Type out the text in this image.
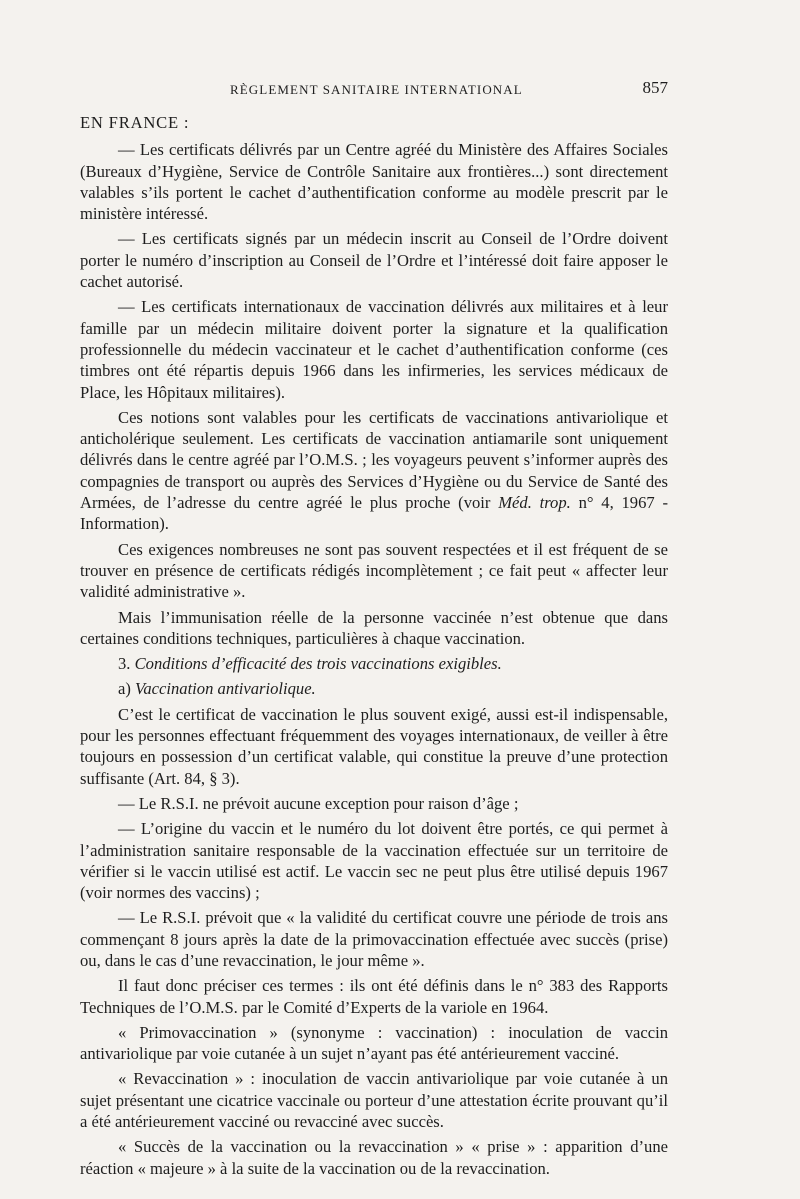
RÈGLEMENT SANITAIRE INTERNATIONAL	857
EN FRANCE :

— Les certificats délivrés par un Centre agréé du Ministère des Affaires Sociales (Bureaux d’Hygiène, Service de Contrôle Sanitaire aux frontières...) sont directement valables s’ils portent le cachet d’authentification conforme au modèle prescrit par le ministère intéressé.

— Les certificats signés par un médecin inscrit au Conseil de l’Ordre doivent porter le numéro d’inscription au Conseil de l’Ordre et l’intéressé doit faire apposer le cachet autorisé.

— Les certificats internationaux de vaccination délivrés aux militaires et à leur famille par un médecin militaire doivent porter la signature et la qualification professionnelle du médecin vaccinateur et le cachet d’authentification conforme (ces timbres ont été répartis depuis 1966 dans les infirmeries, les services médicaux de Place, les Hôpitaux militaires).

Ces notions sont valables pour les certificats de vaccinations antivariolique et anticholérique seulement. Les certificats de vaccination antiamarile sont uniquement délivrés dans le centre agréé par l’O.M.S. ; les voyageurs peuvent s’informer auprès des compagnies de transport ou auprès des Services d’Hygiène ou du Service de Santé des Armées, de l’adresse du centre agréé le plus proche (voir Méd. trop. n° 4, 1967 - Information).

Ces exigences nombreuses ne sont pas souvent respectées et il est fréquent de se trouver en présence de certificats rédigés incomplètement ; ce fait peut « affecter leur validité administrative ».

Mais l’immunisation réelle de la personne vaccinée n’est obtenue que dans certaines conditions techniques, particulières à chaque vaccination.

3. Conditions d’efficacité des trois vaccinations exigibles.
a) Vaccination antivariolique.

C’est le certificat de vaccination le plus souvent exigé, aussi est-il indispensable, pour les personnes effectuant fréquemment des voyages internationaux, de veiller à être toujours en possession d’un certificat valable, qui constitue la preuve d’une protection suffisante (Art. 84, § 3).

— Le R.S.I. ne prévoit aucune exception pour raison d’âge ;

— L’origine du vaccin et le numéro du lot doivent être portés, ce qui permet à l’administration sanitaire responsable de la vaccination effectuée sur un territoire de vérifier si le vaccin utilisé est actif. Le vaccin sec ne peut plus être utilisé depuis 1967 (voir normes des vaccins) ;

— Le R.S.I. prévoit que « la validité du certificat couvre une période de trois ans commençant 8 jours après la date de la primovaccination effectuée avec succès (prise) ou, dans le cas d’une revaccination, le jour même ».

Il faut donc préciser ces termes : ils ont été définis dans le n° 383 des Rapports Techniques de l’O.M.S. par le Comité d’Experts de la variole en 1964.

« Primovaccination » (synonyme : vaccination) : inoculation de vaccin antivariolique par voie cutanée à un sujet n’ayant pas été antérieurement vacciné.

« Revaccination » : inoculation de vaccin antivariolique par voie cutanée à un sujet présentant une cicatrice vaccinale ou porteur d’une attestation écrite prouvant qu’il a été antérieurement vacciné ou revacciné avec succès.

« Succès de la vaccination ou la revaccination » « prise » : apparition d’une réaction « majeure » à la suite de la vaccination ou de la revaccination.
